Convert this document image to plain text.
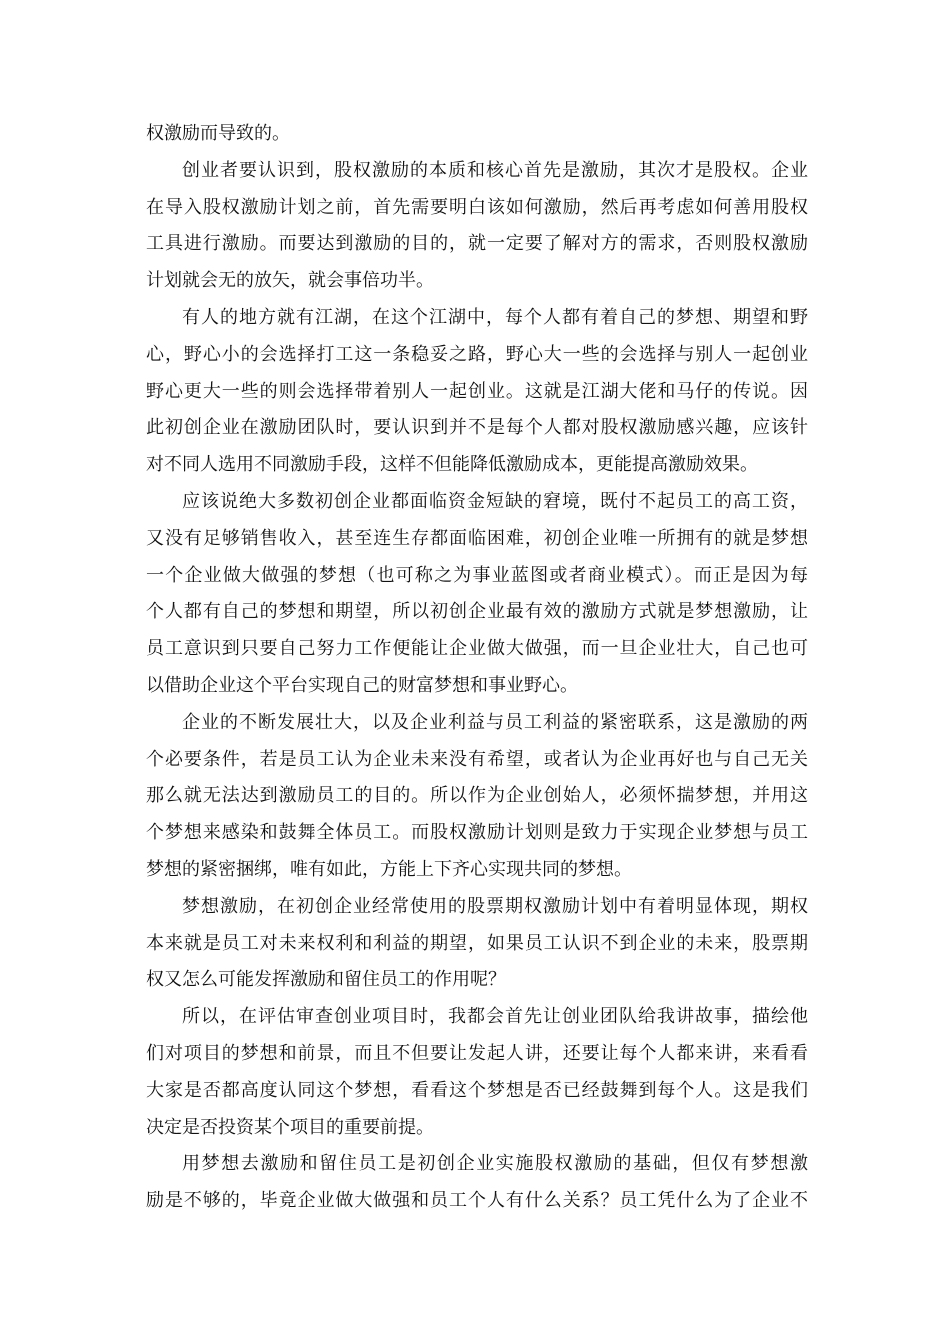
权激励而导致的。
创业者要认识到，股权激励的本质和核心首先是激励，其次才是股权。企业
在导入股权激励计划之前，首先需要明白该如何激励，然后再考虑如何善用股权
工具进行激励。而要达到激励的目的，就一定要了解对方的需求，否则股权激励
计划就会无的放矢，就会事倍功半。
有人的地方就有江湖，在这个江湖中，每个人都有着自己的梦想、期望和野
心，野心小的会选择打工这一条稳妥之路，野心大一些的会选择与别人一起创业
野心更大一些的则会选择带着别人一起创业。这就是江湖大佬和马仔的传说。因
此初创企业在激励团队时，要认识到并不是每个人都对股权激励感兴趣，应该针
对不同人选用不同激励手段，这样不但能降低激励成本，更能提高激励效果。
应该说绝大多数初创企业都面临资金短缺的窘境，既付不起员工的高工资，
又没有足够销售收入，甚至连生存都面临困难，初创企业唯一所拥有的就是梦想
一个企业做大做强的梦想（也可称之为事业蓝图或者商业模式）。而正是因为每
个人都有自己的梦想和期望，所以初创企业最有效的激励方式就是梦想激励，让
员工意识到只要自己努力工作便能让企业做大做强，而一旦企业壮大，自己也可
以借助企业这个平台实现自己的财富梦想和事业野心。
企业的不断发展壮大，以及企业利益与员工利益的紧密联系，这是激励的两
个必要条件，若是员工认为企业未来没有希望，或者认为企业再好也与自己无关
那么就无法达到激励员工的目的。所以作为企业创始人，必须怀揣梦想，并用这
个梦想来感染和鼓舞全体员工。而股权激励计划则是致力于实现企业梦想与员工
梦想的紧密捆绑，唯有如此，方能上下齐心实现共同的梦想。
梦想激励，在初创企业经常使用的股票期权激励计划中有着明显体现，期权
本来就是员工对未来权利和利益的期望，如果员工认识不到企业的未来，股票期
权又怎么可能发挥激励和留住员工的作用呢？
所以，在评估审查创业项目时，我都会首先让创业团队给我讲故事，描绘他
们对项目的梦想和前景，而且不但要让发起人讲，还要让每个人都来讲，来看看
大家是否都高度认同这个梦想，看看这个梦想是否已经鼓舞到每个人。这是我们
决定是否投资某个项目的重要前提。
用梦想去激励和留住员工是初创企业实施股权激励的基础，但仅有梦想激
励是不够的，毕竟企业做大做强和员工个人有什么关系？员工凭什么为了企业不
